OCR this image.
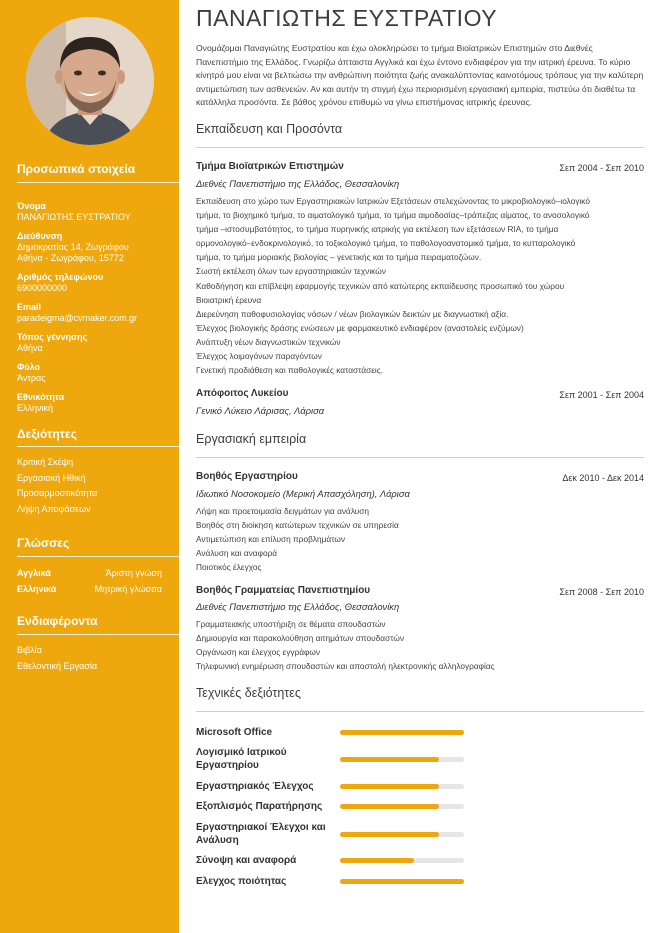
Προσωπικά στοιχεία
Όνομα
ΠΑΝΑΓΙΩΤΗΣ ΕΥΣΤΡΑΤΙΟΥ
Διεύθυνση
Δημοκρατίας 14, Ζωγράφου
Αθήνα - Ζωγράφου, 15772
Αριθμός τηλεφώνου
6900000000
Email
paradeigma@cvmaker.com.gr
Τόπος γέννησης
Αθήνα
Φύλο
Άντρας
Εθνικότητα
Ελληνική
Δεξιότητες
Κριτική Σκέψη
Εργασιακή Ηθική
Προσαρμοστικότητα
Λήψη Αποφάσεων
Γλώσσες
Αγγλικά	Άριστη γνώση
Ελληνικά	Μητρική γλώσσα
Ενδιαφέροντα
Βιβλία
Εθελοντική Εργασία
ΠΑΝΑΓΙΩΤΗΣ ΕΥΣΤΡΑΤΙΟΥ
Ονομάζομαι Παναγιώτης Ευστρατίου και έχω ολοκληρώσει το τμήμα Βιοϊατρικών Επιστημών στο Διεθνές Πανεπιστήμιο της Ελλάδος. Γνωρίζω άπταιστα Αγγλικά και έχω έντονο ενδιαφέρον για την ιατρική έρευνα. Το κύριο κίνητρό μου είναι να βελτιώσω την ανθρώπινη ποιότητα ζωής ανακαλύπτοντας καινοτόμους τρόπους για την καλύτερη αντιμετώπιση των ασθενειών. Αν και αυτήν τη στιγμή έχω περιορισμένη εργασιακή εμπειρία, πιστεύω ότι διαθέτω τα κατάλληλα προσόντα. Σε βάθος χρόνου επιθυμώ να γίνω επιστήμονας ιατρικής έρευνας.
Εκπαίδευση και Προσόντα
Τμήμα Βιοϊατρικών Επιστημών	Σεπ 2004 - Σεπ 2010
Διεθνές Πανεπιστήμιο της Ελλάδος, Θεσσαλονίκη
Εκπαίδευση στο χώρο των Εργαστηριακών Ιατρικών Εξετάσεων στελεχώνοντας το μικροβιολογικό–ιολογικό
τμήμα, το βιοχημικό τμήμα, το αιματολογικό τμήμα, το τμήμα αιμοδοσίας–τράπεζας αίματος, το ανοσολογικό
τμήμα –ιστοσυμβατότητος, το τμήμα πυρηνικής ιατρικής για εκτέλεση των εξετάσεων RIA, το τμήμα
ορμονολογικό–ενδοκρινολογικό, το τοξικολογικό τμήμα, το παθολογοανατομικό τμήμα, το κυτταρολογικό
τμήμα, το τμήμα μοριακής βιολογίας – γενετικής και το τμήμα πειραματοζώων.
Σωστή εκτέλεση όλων των εργαστηριακών τεχνικών
Καθοδήγηση και επίβλεψη εφαρμογής τεχνικών από κατώτερης εκπαίδευσης προσωπικό του χώρου
Βιοιατρική έρευνα
Διερεύνηση παθοφυσιολογίας νόσων / νέων βιολογικών δεικτών με διαγνωστική αξία.
Έλεγχος βιολογικής δράσης ενώσεων με φαρμακευτικό ενδιαφέρον (αναστολείς ενζύμων)
Ανάπτυξη νέων διαγνωστικών τεχνικών
Έλεγχος λοιμογόνων παραγόντων
Γενετική προδιάθεση και παθολογικές καταστάσεις.
Απόφοιτος Λυκείου	Σεπ 2001 - Σεπ 2004
Γενικό Λύκειο Λάρισας, Λάρισα
Εργασιακή εμπειρία
Βοηθός Εργαστηρίου	Δεκ 2010 - Δεκ 2014
Ιδιωτικό Νοσοκομείο (Μερική Απασχόληση), Λάρισα
Λήψη και προετοιμασία δειγμάτων για ανάλυση
Βοηθός στη διοίκηση κατώτερων τεχνικών σε υπηρεσία
Αντιμετώπιση και επίλυση προβλημάτων
Ανάλυση και αναφορά
Ποιοτικός έλεγχος
Βοηθός Γραμματείας Πανεπιστημίου	Σεπ 2008 - Σεπ 2010
Διεθνές Πανεπιστήμιο της Ελλάδος, Θεσσαλονίκη
Γραμματειακής υποστήριξη σε θέματα σπουδαστών
Δημιουργία και παρακολούθηση αιτημάτων σπουδαστών
Οργάνωση και έλεγχος εγγράφων
Τηλεφωνική ενημέρωση σπουδαστών και αποστολή ηλεκτρονικής αλληλογραφίας
Τεχνικές δεξιότητες
Microsoft Office
Λογισμικό Ιατρικού Εργαστηρίου
Εργαστηριακός Έλεγχος
Εξοπλισμός Παρατήρησης
Εργαστηριακοί Έλεγχοι και Ανάλυση
Σύνοψη και αναφορά
Ελεγχος ποιότητας
